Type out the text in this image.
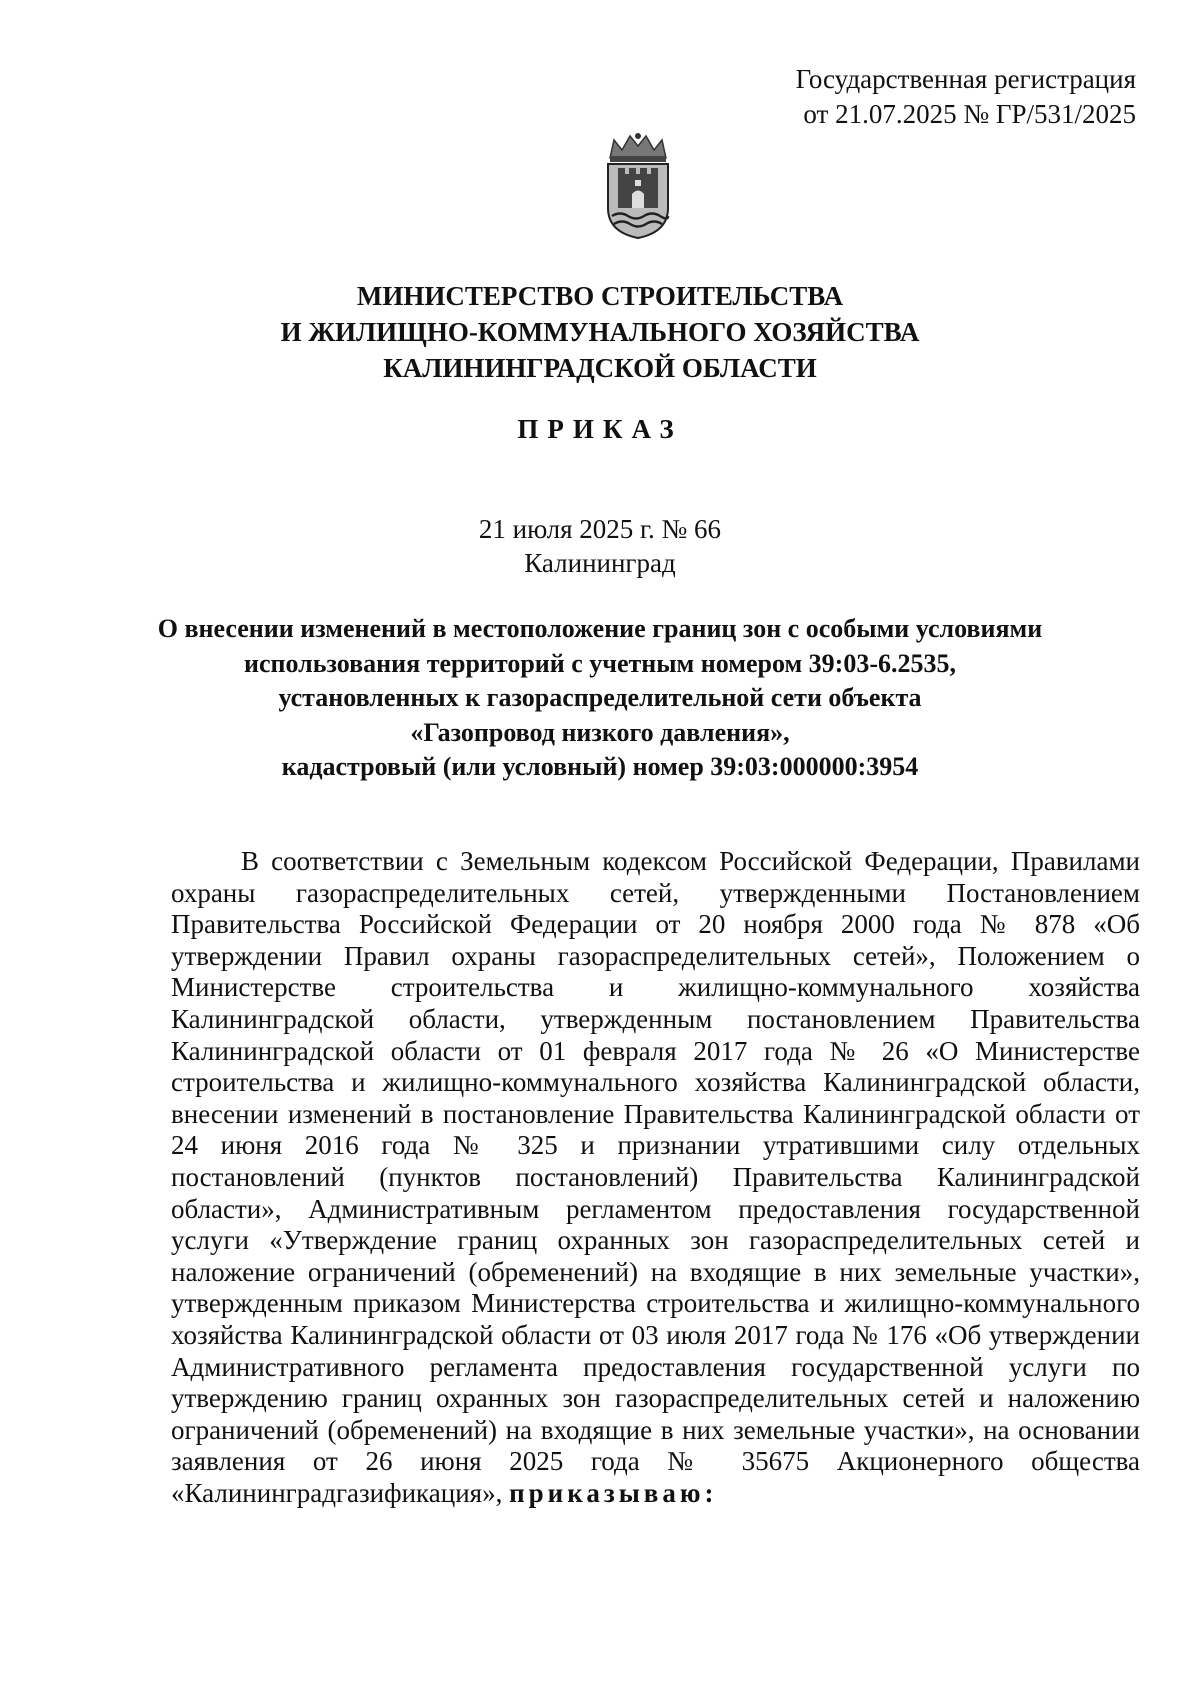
Государственная регистрация
от 21.07.2025 № ГР/531/2025
МИНИСТЕРСТВО СТРОИТЕЛЬСТВА
И ЖИЛИЩНО-КОММУНАЛЬНОГО ХОЗЯЙСТВА
КАЛИНИНГРАДСКОЙ ОБЛАСТИ
ПРИКАЗ
21 июля 2025 г. № 66
Калининград
О внесении изменений в местоположение границ зон с особыми условиями
использования территорий с учетным номером 39:03-6.2535,
установленных к газораспределительной сети объекта
«Газопровод низкого давления»,
кадастровый (или условный) номер 39:03:000000:3954
В соответствии с Земельным кодексом Российской Федерации, Правилами охраны газораспределительных сетей, утвержденными Постановлением Правительства Российской Федерации от 20 ноября 2000 года № 878 «Об утверждении Правил охраны газораспределительных сетей», Положением о Министерстве строительства и жилищно-коммунального хозяйства Калининградской области, утвержденным постановлением Правительства Калининградской области от 01 февраля 2017 года № 26 «О Министерстве строительства и жилищно-коммунального хозяйства Калининградской области, внесении изменений в постановление Правительства Калининградской области от 24 июня 2016 года № 325 и признании утратившими силу отдельных постановлений (пунктов постановлений) Правительства Калининградской области», Административным регламентом предоставления государственной услуги «Утверждение границ охранных зон газораспределительных сетей и наложение ограничений (обременений) на входящие в них земельные участки», утвержденным приказом Министерства строительства и жилищно-коммунального хозяйства Калининградской области от 03 июля 2017 года № 176 «Об утверждении Административного регламента предоставления государственной услуги по утверждению границ охранных зон газораспределительных сетей и наложению ограничений (обременений) на входящие в них земельные участки», на основании заявления от 26 июня 2025 года № 35675 Акционерного общества «Калининградгазификация», приказываю:
